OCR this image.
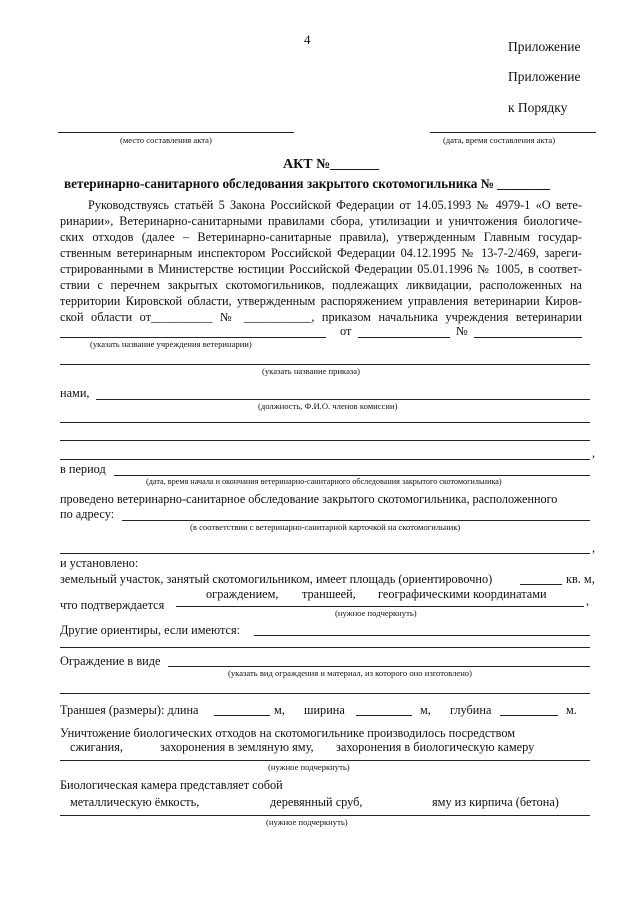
4	Приложение
Приложение
к Порядку
(место составления акта)	(дата, время составления акта)
АКТ №_______
ветеринарно-санитарного обследования закрытого скотомогильника № ________
Руководствуясь статьёй 5 Закона Российской Федерации от 14.05.1993 № 4979-1 «О вете-
ринарии», Ветеринарно-санитарными правилами сбора, утилизации и уничтожения биологиче-
ских отходов (далее – Ветеринарно-санитарные правила), утвержденным Главным государ-
ственным ветеринарным инспектором Российской Федерации 04.12.1995 № 13-7-2/469, зареги-
стрированными в Министерстве юстиции Российской Федерации 05.01.1996 № 1005, в соответ-
ствии с перечнем закрытых скотомогильников, подлежащих ликвидации, расположенных на
территории Кировской области, утвержденным распоряжением управления ветеринарии Киров-
ской области от__________ № ___________, приказом начальника учреждения ветеринарии
от	№
(указать название учреждения ветеринарии)
(указать название приказа)
нами,
(должность, Ф.И.О. членов комиссии)
,
в период
(дата, время начала и окончания ветеринарно-санитарного обследования закрытого скотомогильника)
проведено ветеринарно-санитарное обследование закрытого скотомогильника, расположенного
по адресу:
(в соответствии с ветеринарно-санитарной карточкой на скотомогильник)
,
и установлено:
земельный участок, занятый скотомогильником, имеет площадь (ориентировочно)	кв. м,
ограждением, траншеей, географическими координатами
что подтверждается	,
(нужное подчеркнуть)
Другие ориентиры, если имеются:
Ограждение в виде
(указать вид ограждения и материал, из которого оно изготовлено)
Траншея (размеры): длина	м, ширина	м, глубина	м.
Уничтожение биологических отходов на скотомогильнике производилось посредством
сжигания,	захоронения в земляную яму, захоронения в биологическую камеру
(нужное подчеркнуть)
Биологическая камера представляет собой
металлическую ёмкость,	деревянный сруб,	яму из кирпича (бетона)
(нужное подчеркнуть)
